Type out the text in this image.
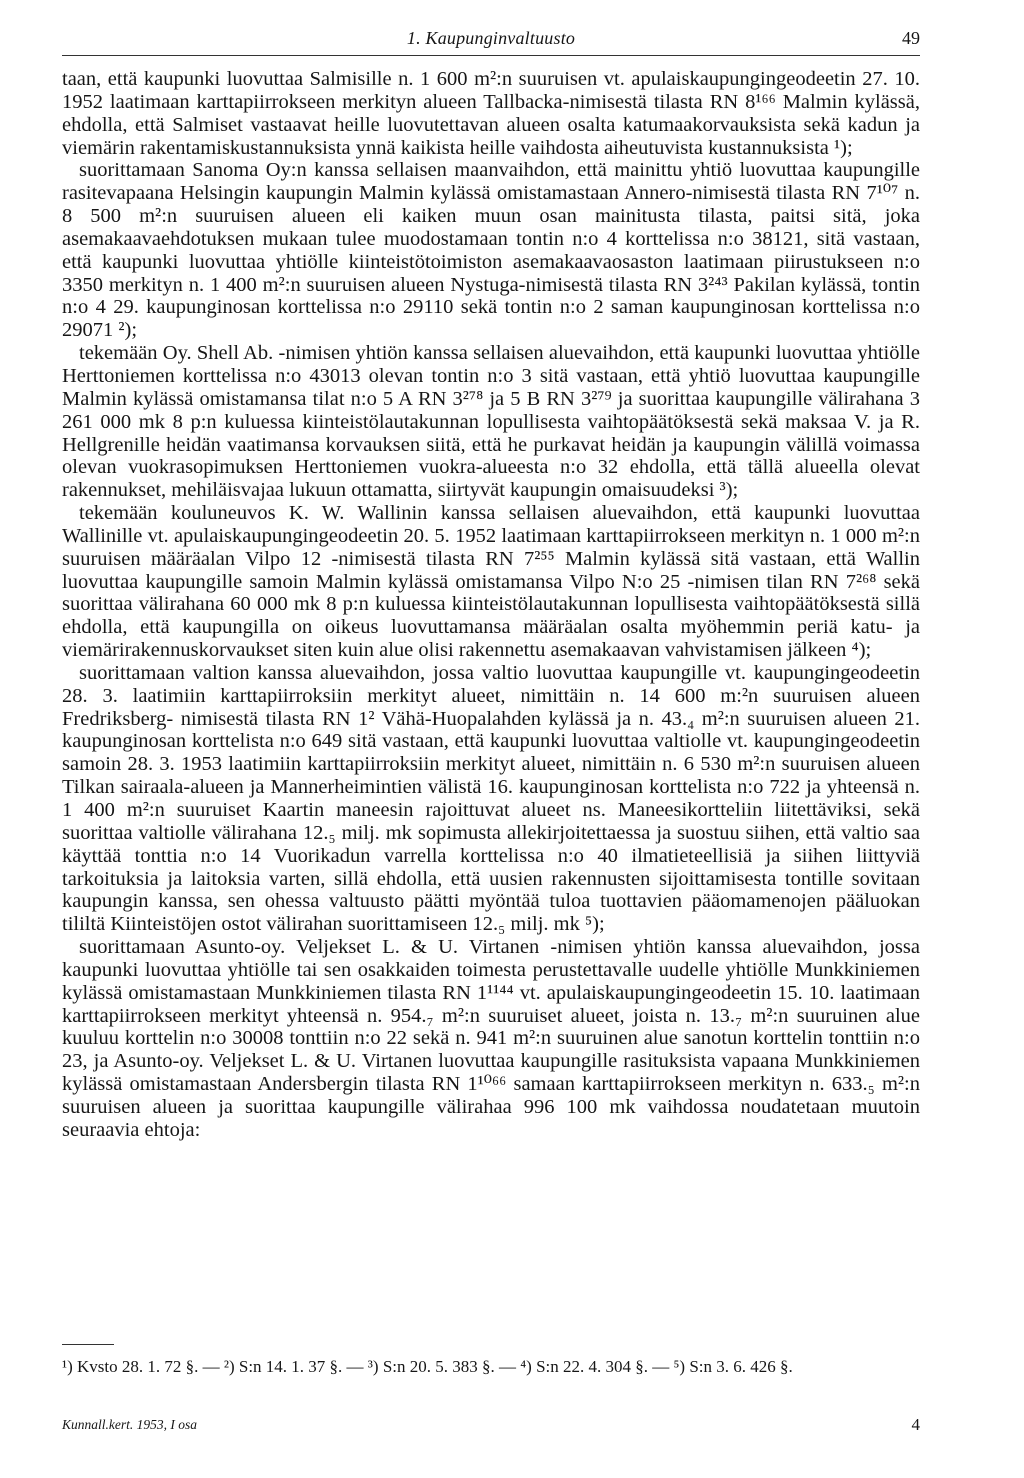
1. Kaupunginvaltuusto	49

taan, että kaupunki luovuttaa Salmisille n. 1 600 m²:n suuruisen vt. apulaiskaupungingeodeetin 27. 10. 1952 laatimaan karttapiirrokseen merkityn alueen Tallbacka-nimisestä tilasta RN 8¹⁶⁶ Malmin kylässä, ehdolla, että Salmiset vastaavat heille luovutettavan alueen osalta katumaakorvauksista sekä kadun ja viemärin rakentamiskustannuksista ynnä kaikista heille vaihdosta aiheutuvista kustannuksista ¹);

suorittamaan Sanoma Oy:n kanssa sellaisen maanvaihdon, että mainittu yhtiö luovuttaa kaupungille rasitevapaana Helsingin kaupungin Malmin kylässä omistamastaan Annero-nimisestä tilasta RN 7¹⁰⁷ n. 8 500 m²:n suuruisen alueen eli kaiken muun osan mainitusta tilasta, paitsi sitä, joka asemakaavaehdotuksen mukaan tulee muodostamaan tontin n:o 4 korttelissa n:o 38121, sitä vastaan, että kaupunki luovuttaa yhtiölle kiinteistötoimiston asemakaavaosaston laatimaan piirustukseen n:o 3350 merkityn n. 1 400 m²:n suuruisen alueen Nystuga-nimisestä tilasta RN 3²⁴³ Pakilan kylässä, tontin n:o 4 29. kaupunginosan korttelissa n:o 29110 sekä tontin n:o 2 saman kaupunginosan korttelissa n:o 29071 ²);

tekemään Oy. Shell Ab. -nimisen yhtiön kanssa sellaisen aluevaihdon, että kaupunki luovuttaa yhtiölle Herttoniemen korttelissa n:o 43013 olevan tontin n:o 3 sitä vastaan, että yhtiö luovuttaa kaupungille Malmin kylässä omistamansa tilat n:o 5 A RN 3²⁷⁸ ja 5 B RN 3²⁷⁹ ja suorittaa kaupungille välirahana 3 261 000 mk 8 p:n kuluessa kiinteistölautakunnan lopullisesta vaihtopäätöksestä sekä maksaa V. ja R. Hellgrenille heidän vaatimansa korvauksen siitä, että he purkavat heidän ja kaupungin välillä voimassa olevan vuokrasopimuksen Herttoniemen vuokra-alueesta n:o 32 ehdolla, että tällä alueella olevat rakennukset, mehiläisvajaa lukuun ottamatta, siirtyvät kaupungin omaisuudeksi ³);

tekemään kouluneuvos K. W. Wallinin kanssa sellaisen aluevaihdon, että kaupunki luovuttaa Wallinille vt. apulaiskaupungingeodeetin 20. 5. 1952 laatimaan karttapiirrokseen merkityn n. 1 000 m²:n suuruisen määräalan Vilpo 12 -nimisestä tilasta RN 7²⁵⁵ Malmin kylässä sitä vastaan, että Wallin luovuttaa kaupungille samoin Malmin kylässä omistamansa Vilpo N:o 25 -nimisen tilan RN 7²⁶⁸ sekä suorittaa välirahana 60 000 mk 8 p:n kuluessa kiinteistölautakunnan lopullisesta vaihtopäätöksestä sillä ehdolla, että kaupungilla on oikeus luovuttamansa määräalan osalta myöhemmin periä katu- ja viemärirakennuskorvaukset siten kuin alue olisi rakennettu asemakaavan vahvistamisen jälkeen ⁴);

suorittamaan valtion kanssa aluevaihdon, jossa valtio luovuttaa kaupungille vt. kaupungingeodeetin 28. 3. laatimiin karttapiirroksiin merkityt alueet, nimittäin n. 14 600 m:²n suuruisen alueen Fredriksberg- nimisestä tilasta RN 1² Vähä-Huopalahden kylässä ja n. 43.₄ m²:n suuruisen alueen 21. kaupunginosan korttelista n:o 649 sitä vastaan, että kaupunki luovuttaa valtiolle vt. kaupungingeodeetin samoin 28. 3. 1953 laatimiin karttapiirroksiin merkityt alueet, nimittäin n. 6 530 m²:n suuruisen alueen Tilkan sairaala-alueen ja Mannerheimintien välistä 16. kaupunginosan korttelista n:o 722 ja yhteensä n. 1 400 m²:n suuruiset Kaartin maneesin rajoittuvat alueet ns. Maneesikortteliin liitettäviksi, sekä suorittaa valtiolle välirahana 12.₅ milj. mk sopimusta allekirjoitettaessa ja suostuu siihen, että valtio saa käyttää tonttia n:o 14 Vuorikadun varrella korttelissa n:o 40 ilmatieteellisiä ja siihen liittyviä tarkoituksia ja laitoksia varten, sillä ehdolla, että uusien rakennusten sijoittamisesta tontille sovitaan kaupungin kanssa, sen ohessa valtuusto päätti myöntää tuloa tuottavien pääomamenojen pääluokan tililtä Kiinteistöjen ostot välirahan suorittamiseen 12.₅ milj. mk ⁵);

suorittamaan Asunto-oy. Veljekset L. & U. Virtanen -nimisen yhtiön kanssa aluevaihdon, jossa kaupunki luovuttaa yhtiölle tai sen osakkaiden toimesta perustettavalle uudelle yhtiölle Munkkiniemen kylässä omistamastaan Munkkiniemen tilasta RN 1¹¹⁴⁴ vt. apulaiskaupungingeodeetin 15. 10. laatimaan karttapiirrokseen merkityt yhteensä n. 954.₇ m²:n suuruiset alueet, joista n. 13.₇ m²:n suuruinen alue kuuluu korttelin n:o 30008 tonttiin n:o 22 sekä n. 941 m²:n suuruinen alue sanotun korttelin tonttiin n:o 23, ja Asunto-oy. Veljekset L. & U. Virtanen luovuttaa kaupungille rasituksista vapaana Munkkiniemen kylässä omistamastaan Andersbergin tilasta RN 1¹⁰⁶⁶ samaan karttapiirrokseen merkityn n. 633.₅ m²:n suuruisen alueen ja suorittaa kaupungille välirahaa 996 100 mk vaihdossa noudatetaan muutoin seuraavia ehtoja:

¹) Kvsto 28. 1. 72 §. — ²) S:n 14. 1. 37 §. — ³) S:n 20. 5. 383 §. — ⁴) S:n 22. 4. 304 §. — ⁵) S:n 3. 6. 426 §.
Kunnall.kert. 1953, I osa	4
